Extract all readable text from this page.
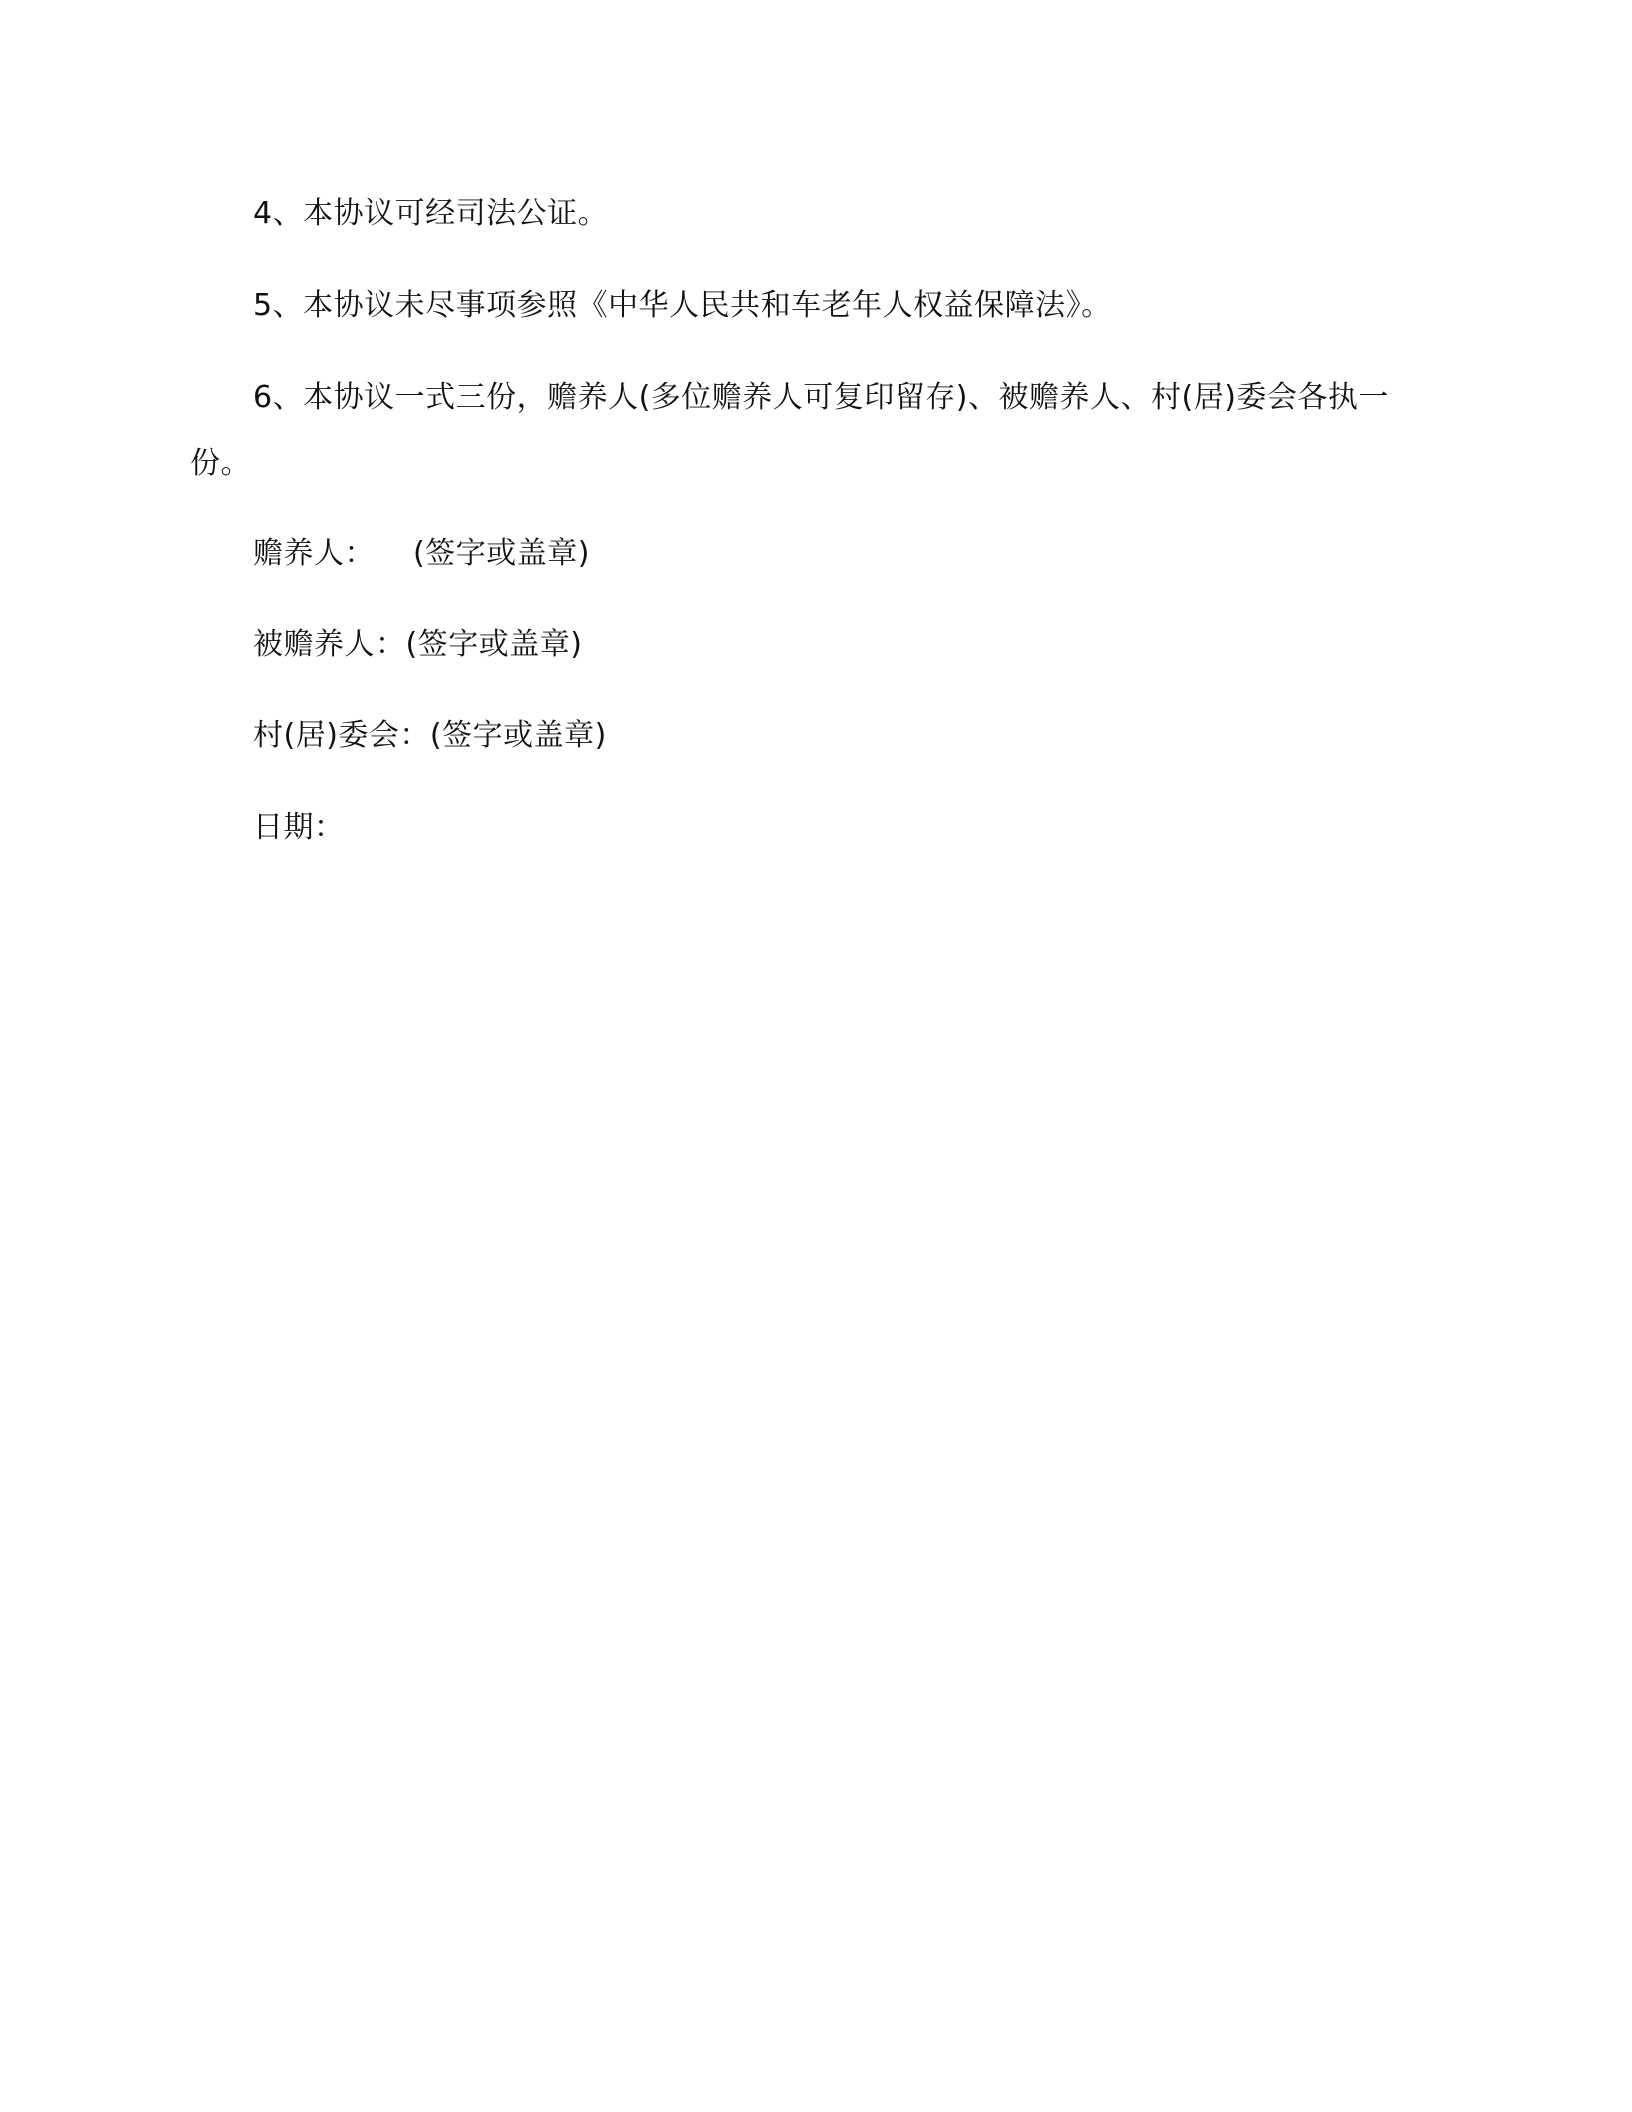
4、本协议可经司法公证。
5、本协议未尽事项参照《中华人民共和车老年人权益保障法》。
6、本协议一式三份，赡养人(多位赡养人可复印留存)、被赡养人、村(居)委会各执一
份。
赡养人： (签字或盖章)
被赡养人：(签字或盖章)
村(居)委会：(签字或盖章)
日期：
